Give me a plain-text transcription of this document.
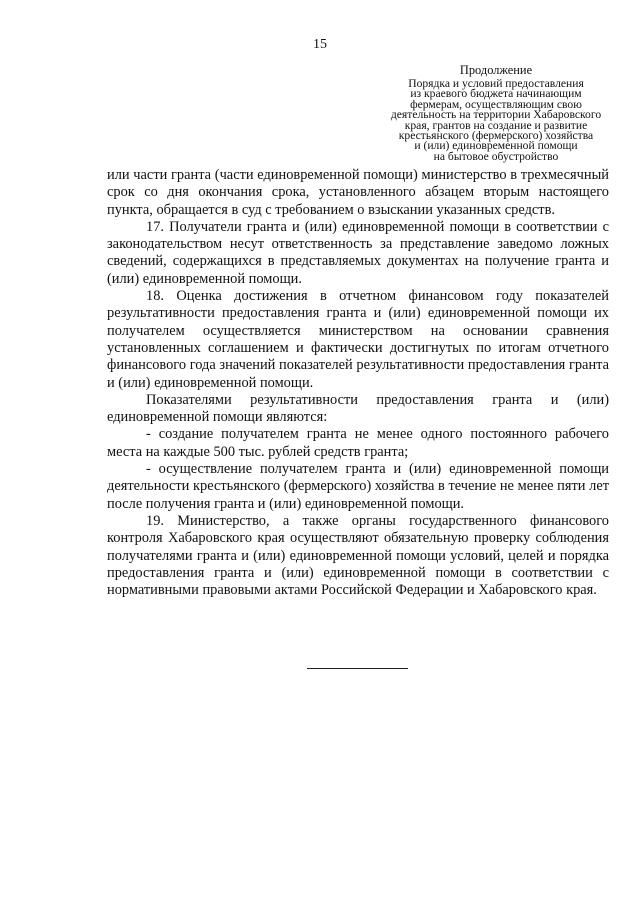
15
Продолжение
Порядка и условий предоставления
из краевого бюджета начинающим
фермерам, осуществляющим свою
деятельность на территории Хабаровского
края, грантов на создание и развитие
крестьянского (фермерского) хозяйства
и (или) единовременной помощи
на бытовое обустройство

или части гранта (части единовременной помощи) министерство в трехмесячный срок со дня окончания срока, установленного абзацем вторым настоящего пункта, обращается в суд с требованием о взыскании указанных средств.

17. Получатели гранта и (или) единовременной помощи в соответствии с законодательством несут ответственность за представление заведомо ложных сведений, содержащихся в представляемых документах на получение гранта и (или) единовременной помощи.

18. Оценка достижения в отчетном финансовом году показателей результативности предоставления гранта и (или) единовременной помощи их получателем осуществляется министерством на основании сравнения установленных соглашением и фактически достигнутых по итогам отчетного финансового года значений показателей результативности предоставления гранта и (или) единовременной помощи.

Показателями результативности предоставления гранта и (или) единовременной помощи являются:

- создание получателем гранта не менее одного постоянного рабочего места на каждые 500 тыс. рублей средств гранта;

- осуществление получателем гранта и (или) единовременной помощи деятельности крестьянского (фермерского) хозяйства в течение не менее пяти лет после получения гранта и (или) единовременной помощи.

19. Министерство, а также органы государственного финансового контроля Хабаровского края осуществляют обязательную проверку соблюдения получателями гранта и (или) единовременной помощи условий, целей и порядка предоставления гранта и (или) единовременной помощи в соответствии с нормативными правовыми актами Российской Федерации и Хабаровского края.
